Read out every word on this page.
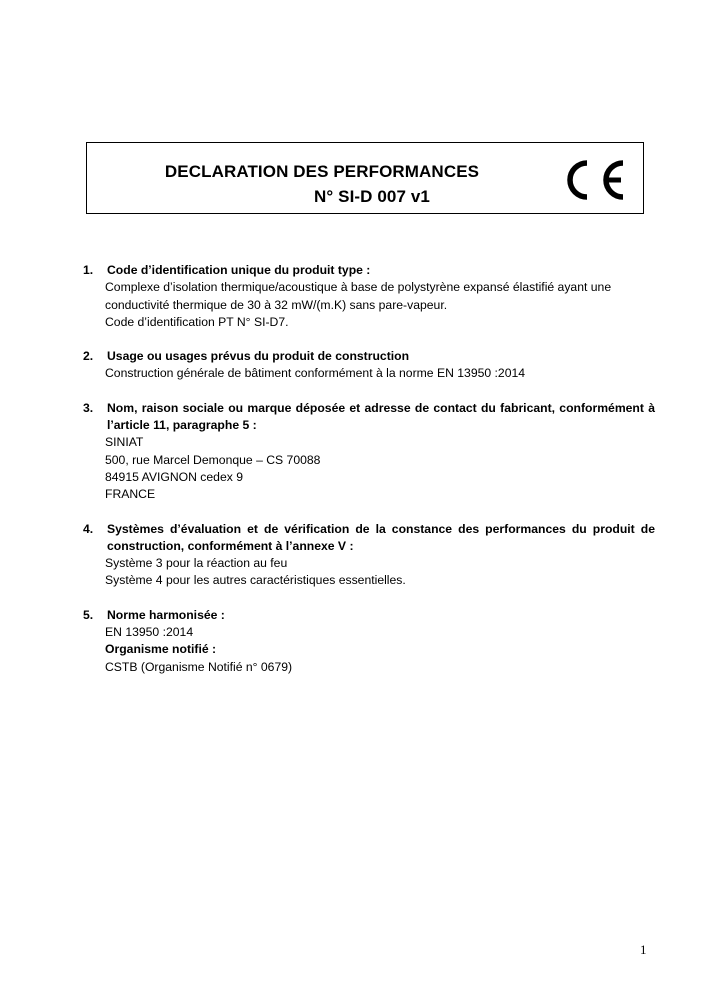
DECLARATION DES PERFORMANCES
N° SI-D 007 v1
1.	Code d’identification unique du produit type :
Complexe d’isolation thermique/acoustique à base de polystyrène expansé élastifié ayant une
conductivité thermique de 30 à 32 mW/(m.K) sans pare-vapeur.
Code d’identification PT N° SI-D7.
2.	Usage ou usages prévus du produit de construction
Construction générale de bâtiment conformément à la norme EN 13950 :2014
3.	Nom, raison sociale ou marque déposée et adresse de contact du fabricant, conformément à l’article 11, paragraphe 5 :
SINIAT
500, rue Marcel Demonque – CS 70088
84915 AVIGNON cedex 9
FRANCE
4.	Systèmes d’évaluation et de vérification de la constance des performances du produit de construction, conformément à l’annexe V :
Système 3 pour la réaction au feu
Système 4 pour les autres caractéristiques essentielles.
5.	Norme harmonisée :
EN 13950 :2014
Organisme notifié :
CSTB (Organisme Notifié n° 0679)
1
